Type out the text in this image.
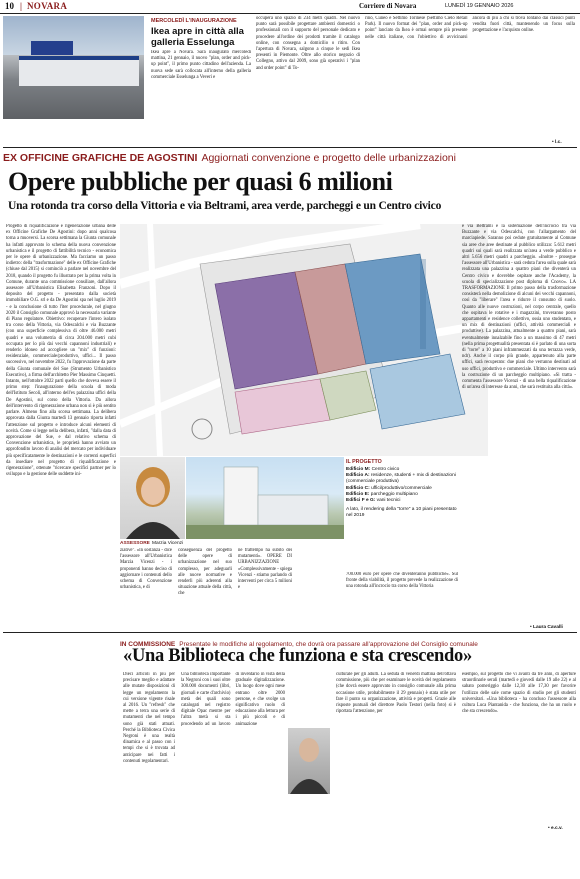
10 | NOVARA	Corriere di Novara	LUNEDÌ 19 GENNAIO 2026
MERCOLEDÌ L'INAUGURAZIONE
Ikea apre in città alla galleria Esselunga
Ikea apre a Novara. Sarà inaugurato mercoledì mattina, 21 gennaio, il nuovo "plan, order and pick-up point", il primo punto cittadino dell'azienda. La nuova sede sarà collocata all'interno della galleria commerciale Esselunga a Veveri e
occuperà uno spazio di 234 metri quadri. Nel nuovo punto sarà possibile progettare ambienti domestici o professionali con il supporto del personale dedicato e procedere all'ordine dei prodotti tramite il catalogo online, con consegna a domicilio o ritiro. Con l'apertura di Novara, salgono a cinque le sedi Ikea presenti in Piemonte. Oltre allo storico negozio di Collegno, attivo dal 2009, sono già operativi i "plan and order point" di To-
rino, Cuneo e Settimo Torinese (Settimo Cielo Retail Park). Il nuovo format dei "plan, order and pick-up point" lanciato da Ikea è ormai sempre più presente nelle città italiane, con l'obiettivo di avvicinarsi ancora di più a chi si trova lontano dai classici punti vendita fuori città, mantenendo un focus sulla progettazione e l'acquisto online.
• l.c.
EX OFFICINE GRAFICHE DE AGOSTINI Aggiornati convenzione e progetto delle urbanizzazioni
Opere pubbliche per quasi 6 milioni
Una rotonda tra corso della Vittoria e via Beltrami, area verde, parcheggi e un Centro civico
Progetto di riqualificazione e rigenerazione urbana delle ex Officine Grafiche De Agostini: dopo anni qualcosa torna a muoversi. La scorsa settimana la Giunta comunale ha infatti approvato lo schema della nuova convenzione urbanistica e il progetto di fattibilità tecnico - economica per le opere di urbanizzazione. Ma facciamo un passo indietro: della "trasformazione" delle ex Officine Grafiche (chiuse dal 2015) si cominciò a parlare nel novembre del 2018, quando il progetto fu illustrato per la prima volta in Comune, durante una commissione consiliare, dall'allora assessore all'Urbanistica Elisabetta Franzoni. Dopo il deposito del progetto - presentato dalla società immobiliare O.G. srl e da De Agostini spa nel luglio 2019 - e la conclusione di tutto l'iter procedurale, nel giugno 2020 il Consiglio comunale approvò la necessaria variante di Piano regolatore. Obiettivo: recuperare l'intero isolato tra corso della Vittoria, via Odescalchi e via Buzzante (con una superficie complessiva di oltre 46.000 metri quadri e una volumetria di circa 204.000 metri cubi occupata per lo più dai vecchi capannoni industriali) e renderlo idoneo ad accogliere un "mix" di funzioni: residenziale, commerciale/produttivo, uffici... Il passo successivo, nel novembre 2022, fu l'approvazione da parte della Giunta comunale del Sue (Strumento Urbanistico Esecutivo), a firma dell'architetto Pier Massimo Cinquetti. Intanto, nell'ottobre 2022 partì quello che doveva essere il primo step: l'inaugurazione della scuola di moda dell'Istituto Secoli, all'interno dell'ex palazzina uffici della De Agostini, sul corso della Vittoria. Da allora dell'intervento di rigenerazione urbana non si è più sentito parlare. Almeno fino alla scorsa settimana. La delibera approvata dalla Giunta martedì 13 gennaio riporta infatti l'attenzione sul progetto e introduce alcuni elementi di novità. Come si legge nella delibera, infatti, "dalla data di approvazione del Sue, e dal relativo schema di Convenzione urbanistica, le proprietà hanno avviato un approfondito lavoro di analisi del mercato per individuare più specificatamente le destinazioni e le correnti superfici da insediare nel progetto di riqualificazione e rigenerazione", ottenute "ricercare specifici partner per lo sviluppo e la gestione delle suddette ini-
ASSESSORE Marzia Vicenzi
IL PROGETTO
Edificio M: Centro civico
Edificio A: residenze, studenti + mix di destinazioni (commerciale produttiva)
Edificio C: uffici/produttivo/commerciale
Edificio E: parcheggio multipiano
Edifici F e G: vani tecnici
A lato, il rendering della "torre" a 10 piani presentato nel 2019
ziative". «In sostanza - dice l'assessore all'Urbanistica Marzia Vicenzi - i proponenti hanno deciso di aggiornare i contenuti dello schema di Convenzione urbanistica, e di
conseguenza del progetto delle opere di urbanizzazione nel suo complesso, per adeguarli alle nuove normative e renderli più aderenti alla situazione attuale della città, che
ne frattempo ha subito dei mutamenti». OPERE DI URBANIZZAZIONE «Complessivamente - spiega Vicenzi - stiamo parlando di interventi per circa 5 milioni e
700.000 euro per opere che diventeranno pubbliche». Sul fronte della viabilità, il progetto prevede la realizzazione di una rotonda all'incrocio tra corso della Vittoria
e via Beltrami e la sistemazione dell'incrocio tra via Buzzante e via Odescalchi, con l'allargamento del marciapiede. Saranno poi cedute gratuitamente al Comune sia aree che aree destinate al pubblico utilizzo: 5.612 metri quadri sui quali sarà realizzata un'area a verde pubblico e altri 5.656 metri quadri a parcheggio. «Inoltre - prosegue l'assessore all'Urbanistica - sarà ceduta l'area sulla quale sarà realizzata una palazzina a quattro piani che diventerà un Centro civico e dovrebbe ospitare anche l'Academy, la scuola di specializzazione post diploma di Cnovo». LA TRASFORMAZIONE Il primo passo della trasformazione consisterà nella demolizione di alcuni dei vecchi capannoni, così da "liberare" l'area e ridurre il consumo di suolo. Quanto alle nuove costruzioni, nel corpo centrale, quello che ospitava le rotative e i magazzini, troveranno posto appartamenti e residence collettivo, ossia uno studentato, e un mix di destinazioni (uffici, attività commerciali e produttive). La palazzina, attualmente a quattro piani, sarà eventualmente innalzabile fino a un massimo di 47 metri (nella prima progettualità presentata si è parlato di una sorta di "torre" a 10 piani inframmezzati da una terrazza verde, ndr). Anche il corpo più grande, appartenuto alla parte uffici, sarà recuperato: due piani che verranno destinati ad uso uffici, produttivo e commerciale. Ultimo intervento sarà la costruzione di un parcheggio multipiano. «Si tratta - commenta l'assessore Vicenzi - di una bella riqualificazione di un'area di interesse da anni, che sarà restituita alla città».
• Laura Cavalli
IN COMMISSIONE Presentate le modifiche al regolamento, che dovrà ora passare all'approvazione del Consiglio comunale
«Una Biblioteca che funziona e sta crescendo»
Dieci articoli in più per precisare meglio e adattare alle mutate disposizioni di legge un regolamento la cui versione vigente risale al 2016. Un "refresh" che mette a terra una serie di mutamenti che nel tempo sono già stati attuati. Perché la Biblioteca Civica Negroni è una realtà dinamica e al passo con i tempi che si è trovata ad anticipare nei fatti i contenuti regolamentari.
Una biblioteca importante la Negroni con i suoi oltre 300.000 documenti (libri, giornali e carte d'archivio) metà dei quali sono catalogati nel registro digitale Opac mentre per l'altra metà si sta procedendo ad un lavoro di inventario in vista della graduale digitalizzazione. Un luogo dove ogni mese entrano oltre 2000 persone, e che svolge un significativo ruolo di educazione alla lettura per i più piccoli e di animazione
culturale per gli adulti. La seduta di venerdì mattina dell'ottava commissione, più che per esaminare le novità del regolamento (che dovrà essere approvato in consiglio comunale alla prima occasione utile, probabilmente il 29 gennaio) è stata utile per fare il punto su organizzazione, attività e progetti. Grazie alle risposte puntuali del direttore Paolo Testori (nella foto) si è riportata l'attenzione, per
esempio, sul progetto che vi avanti da tre anni, di aperture straordinarie serali (martedì e giovedì dalle 19 alle 22) e al sabato pomeriggio dalle 12,30 alle 17,30 per favorire l'utilizzo delle sale come spazio di studio per gli studenti universitari. «Una biblioteca - ha concluso l'assessore alla cultura Luca Piantanida - che funziona, che ha un ruolo e che sta crescendo».
• e.c.v.
